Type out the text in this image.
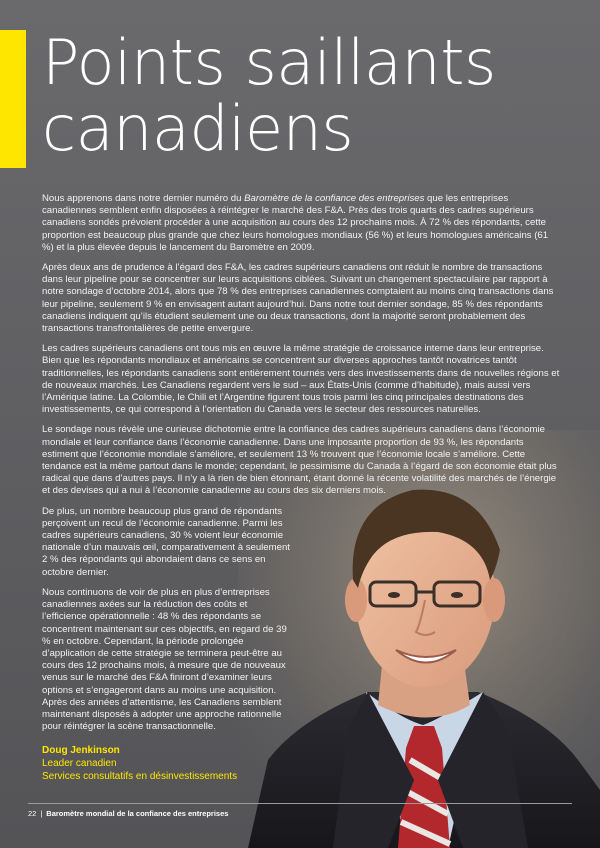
Points saillants
canadiens

Nous apprenons dans notre dernier numéro du Baromètre de la confiance des entreprises que les entreprises canadiennes semblent enfin disposées à réintégrer le marché des F&A. Près des trois quarts des cadres supérieurs canadiens sondés prévoient procéder à une acquisition au cours des 12 prochains mois. À 72 % des répondants, cette proportion est beaucoup plus grande que chez leurs homologues mondiaux (56 %) et leurs homologues américains (61 %) et la plus élevée depuis le lancement du Baromètre en 2009.

Après deux ans de prudence à l’égard des F&A, les cadres supérieurs canadiens ont réduit le nombre de transactions dans leur pipeline pour se concentrer sur leurs acquisitions ciblées. Suivant un changement spectaculaire par rapport à notre sondage d’octobre 2014, alors que 78 % des entreprises canadiennes comptaient au moins cinq transactions dans leur pipeline, seulement 9 % en envisagent autant aujourd’hui. Dans notre tout dernier sondage, 85 % des répondants canadiens indiquent qu’ils étudient seulement une ou deux transactions, dont la majorité seront probablement des transactions transfrontalières de petite envergure.

Les cadres supérieurs canadiens ont tous mis en œuvre la même stratégie de croissance interne dans leur entreprise. Bien que les répondants mondiaux et américains se concentrent sur diverses approches tantôt novatrices tantôt traditionnelles, les répondants canadiens sont entièrement tournés vers des investissements dans de nouvelles régions et de nouveaux marchés. Les Canadiens regardent vers le sud – aux États-Unis (comme d’habitude), mais aussi vers l’Amérique latine. La Colombie, le Chili et l’Argentine figurent tous trois parmi les cinq principales destinations des investissements, ce qui correspond à l’orientation du Canada vers le secteur des ressources naturelles.

Le sondage nous révèle une curieuse dichotomie entre la confiance des cadres supérieurs canadiens dans l’économie mondiale et leur confiance dans l’économie canadienne. Dans une imposante proportion de 93 %, les répondants estiment que l’économie mondiale s’améliore, et seulement 13 % trouvent que l’économie locale s’améliore. Cette tendance est la même partout dans le monde; cependant, le pessimisme du Canada à l’égard de son économie était plus radical que dans d’autres pays. Il n’y a là rien de bien étonnant, étant donné la récente volatilité des marchés de l’énergie et des devises qui a nui à l’économie canadienne au cours des six derniers mois.

De plus, un nombre beaucoup plus grand de répondants perçoivent un recul de l’économie canadienne. Parmi les cadres supérieurs canadiens, 30 % voient leur économie nationale d’un mauvais œil, comparativement à seulement 2 % des répondants qui abondaient dans ce sens en octobre dernier.

Nous continuons de voir de plus en plus d’entreprises canadiennes axées sur la réduction des coûts et l’efficience opérationnelle : 48 % des répondants se concentrent maintenant sur ces objectifs, en regard de 39 % en octobre. Cependant, la période prolongée d’application de cette stratégie se terminera peut-être au cours des 12 prochains mois, à mesure que de nouveaux venus sur le marché des F&A finiront d’examiner leurs options et s’engageront dans au moins une acquisition. Après des années d’attentisme, les Canadiens semblent maintenant disposés à adopter une approche rationnelle pour réintégrer la scène transactionnelle.

Doug Jenkinson
Leader canadien
Services consultatifs en désinvestissements
22 | Baromètre mondial de la confiance des entreprises
